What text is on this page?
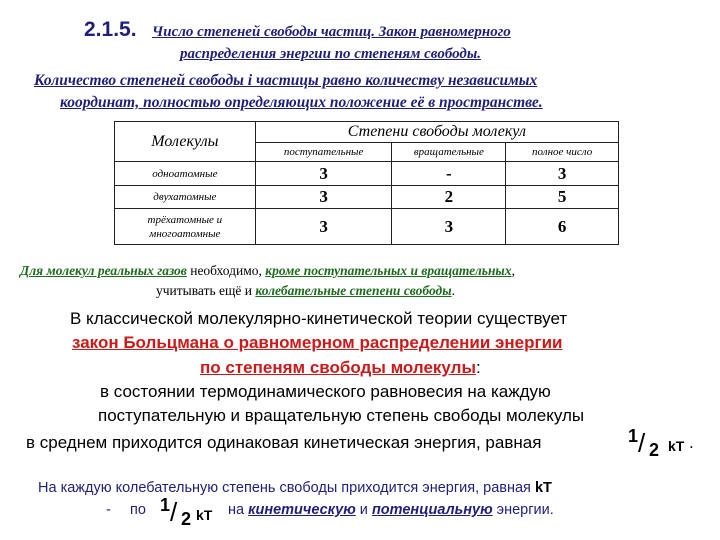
2.1.5. Число степеней свободы частиц. Закон равномерного
распределения энергии по степеням свободы.
Количество степеней свободы i частицы равно количеству независимых
координат, полностью определяющих положение её в пространстве.
Молекулы	Степени свободы молекул		
	поступательные	вращательные	полное число
одноатомные	3	-	3
двухатомные	3	2	5

трёхатомные и
многоатомные	3	3	6
Для молекул реальных газов необходимо, кроме поступательных и вращательных,
учитывать ещё и колебательные степени свободы.
В классической молекулярно-кинетической теории существует
закон Больцмана о равномерном распределении энергии
по степеням свободы молекулы:
в состоянии термодинамического равновесия на каждую
поступательную и вращательную степень свободы молекулы
в среднем приходится одинаковая кинетическая энергия, равная	1 / 2 kT .
На каждую колебательную степень свободы приходится энергия, равная kT
- по 1 / 2 kT на кинетическую и потенциальную энергии.
